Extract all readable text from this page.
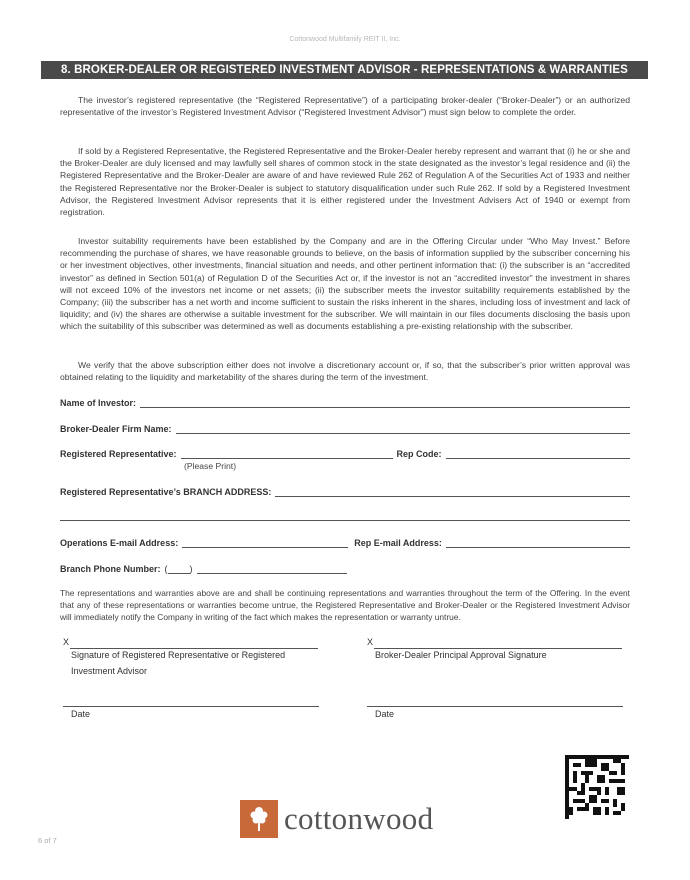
Cottonwood Multifamily REIT II, Inc.
8. BROKER-DEALER OR REGISTERED INVESTMENT ADVISOR - REPRESENTATIONS & WARRANTIES
The investor’s registered representative (the “Registered Representative”) of a participating broker-dealer (“Broker-Dealer”) or an authorized representative of the investor’s Registered Investment Advisor (“Registered Investment Advisor”) must sign below to complete the order.
If sold by a Registered Representative, the Registered Representative and the Broker-Dealer hereby represent and warrant that (i) he or she and the Broker-Dealer are duly licensed and may lawfully sell shares of common stock in the state designated as the investor’s legal residence and (ii) the Registered Representative and the Broker-Dealer are aware of and have reviewed Rule 262 of Regulation A of the Securities Act of 1933 and neither the Registered Representative nor the Broker-Dealer is subject to statutory disqualification under such Rule 262. If sold by a Registered Investment Advisor, the Registered Investment Advisor represents that it is either registered under the Investment Advisers Act of 1940 or exempt from registration.
Investor suitability requirements have been established by the Company and are in the Offering Circular under “Who May Invest.” Before recommending the purchase of shares, we have reasonable grounds to believe, on the basis of information supplied by the subscriber concerning his or her investment objectives, other investments, financial situation and needs, and other pertinent information that: (i) the subscriber is an “accredited investor” as defined in Section 501(a) of Regulation D of the Securities Act or, if the investor is not an “accredited investor” the investment in shares will not exceed 10% of the investors net income or net assets; (ii) the subscriber meets the investor suitability requirements established by the Company; (iii) the subscriber has a net worth and income sufficient to sustain the risks inherent in the shares, including loss of investment and lack of liquidity; and (iv) the shares are otherwise a suitable investment for the subscriber. We will maintain in our files documents disclosing the basis upon which the suitability of this subscriber was determined as well as documents establishing a pre-existing relationship with the subscriber.
We verify that the above subscription either does not involve a discretionary account or, if so, that the subscriber’s prior written approval was obtained relating to the liquidity and marketability of the shares during the term of the investment.
Name of Investor:
Broker-Dealer Firm Name:
Registered Representative:	Rep Code:
(Please Print)
Registered Representative’s BRANCH ADDRESS:
Operations E-mail Address:	Rep E-mail Address:
Branch Phone Number: ( )
The representations and warranties above are and shall be continuing representations and warranties throughout the term of the Offering. In the event that any of these representations or warranties become untrue, the Registered Representative and Broker-Dealer or the Registered Investment Advisor will immediately notify the Company in writing of the fact which makes the representation or warranty untrue.
X
Signature of Registered Representative or Registered Investment Advisor
X
Broker-Dealer Principal Approval Signature
Date	Date
cottonwood
6 of 7
